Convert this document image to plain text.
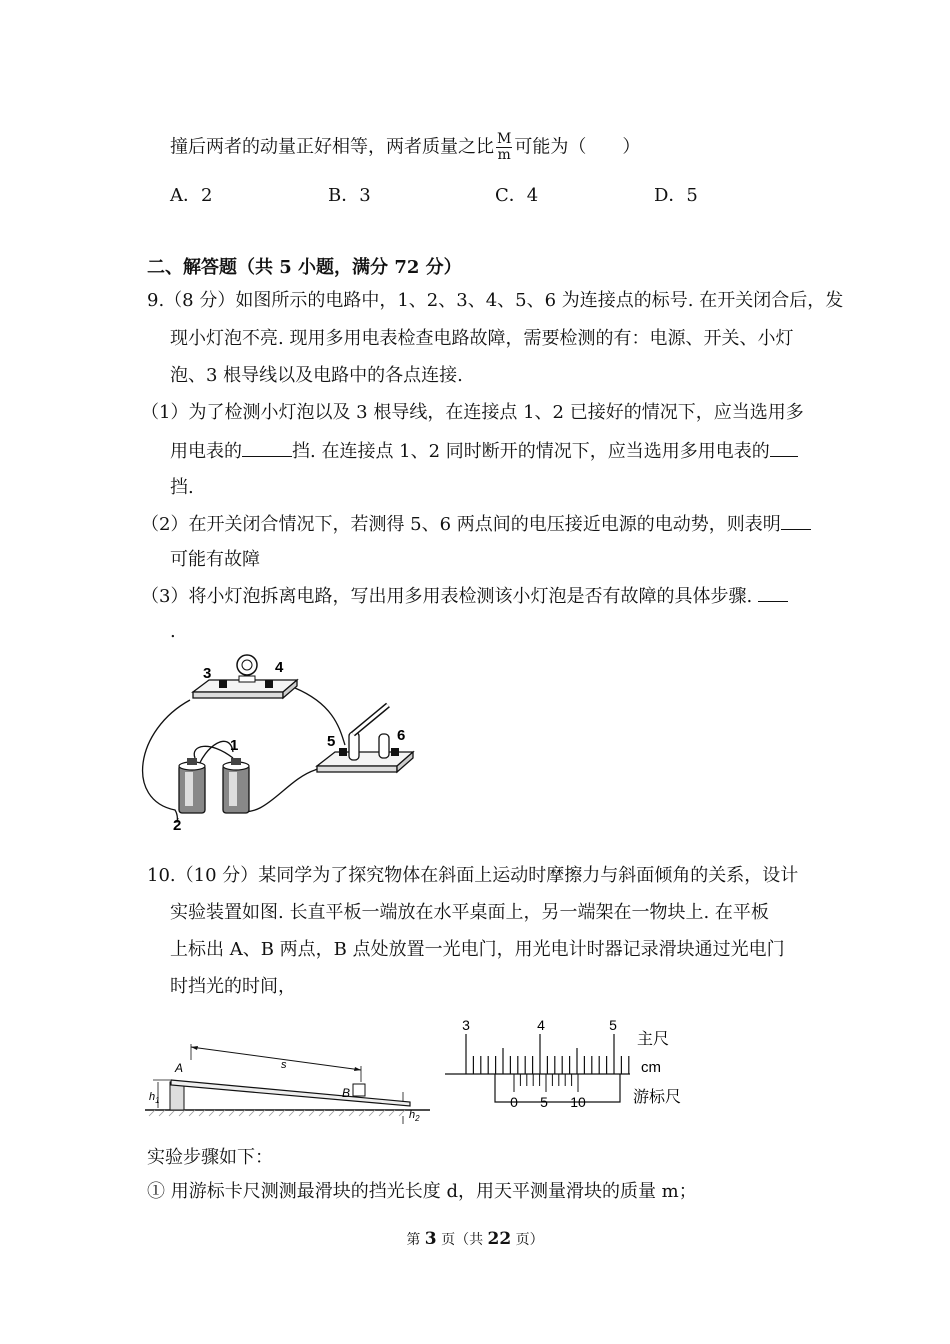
撞后两者的动量正好相等，两者质量之比 $\frac{M}{m}$ 可能为（　　）
A．2	B．3	C．4	D．5
二、解答题（共 5 小题，满分 72 分）
9.（8 分）如图所示的电路中，1、2、3、4、5、6 为连接点的标号. 在开关闭合后，发
现小灯泡不亮. 现用多用电表检查电路故障，需要检测的有：电源、开关、小灯
泡、3 根导线以及电路中的各点连接.
（1）为了检测小灯泡以及 3 根导线，在连接点 1、2 已接好的情况下，应当选用多
用电表的	挡. 在连接点 1、2 同时断开的情况下，应当选用多用电表的
挡.
（2）在开关闭合情况下，若测得 5、6 两点间的电压接近电源的电动势，则表明
可能有故障
（3）将小灯泡拆离电路，写出用多用表检测该小灯泡是否有故障的具体步骤.
.
1
2
3	4
5	6
10.（10 分）某同学为了探究物体在斜面上运动时摩擦力与斜面倾角的关系，设计
实验装置如图. 长直平板一端放在水平桌面上，另一端架在一物块上. 在平板
上标出 A、B 两点，B 点处放置一光电门，用光电计时器记录滑块通过光电门
时挡光的时间，
A
B
s
$h_1$
$h_2$
3	4	5
0 5 10
主尺
cm
游标尺
实验步骤如下：
① 用游标卡尺测测最滑块的挡光长度 d，用天平测量滑块的质量 m；
第 3 页（共 22 页）
